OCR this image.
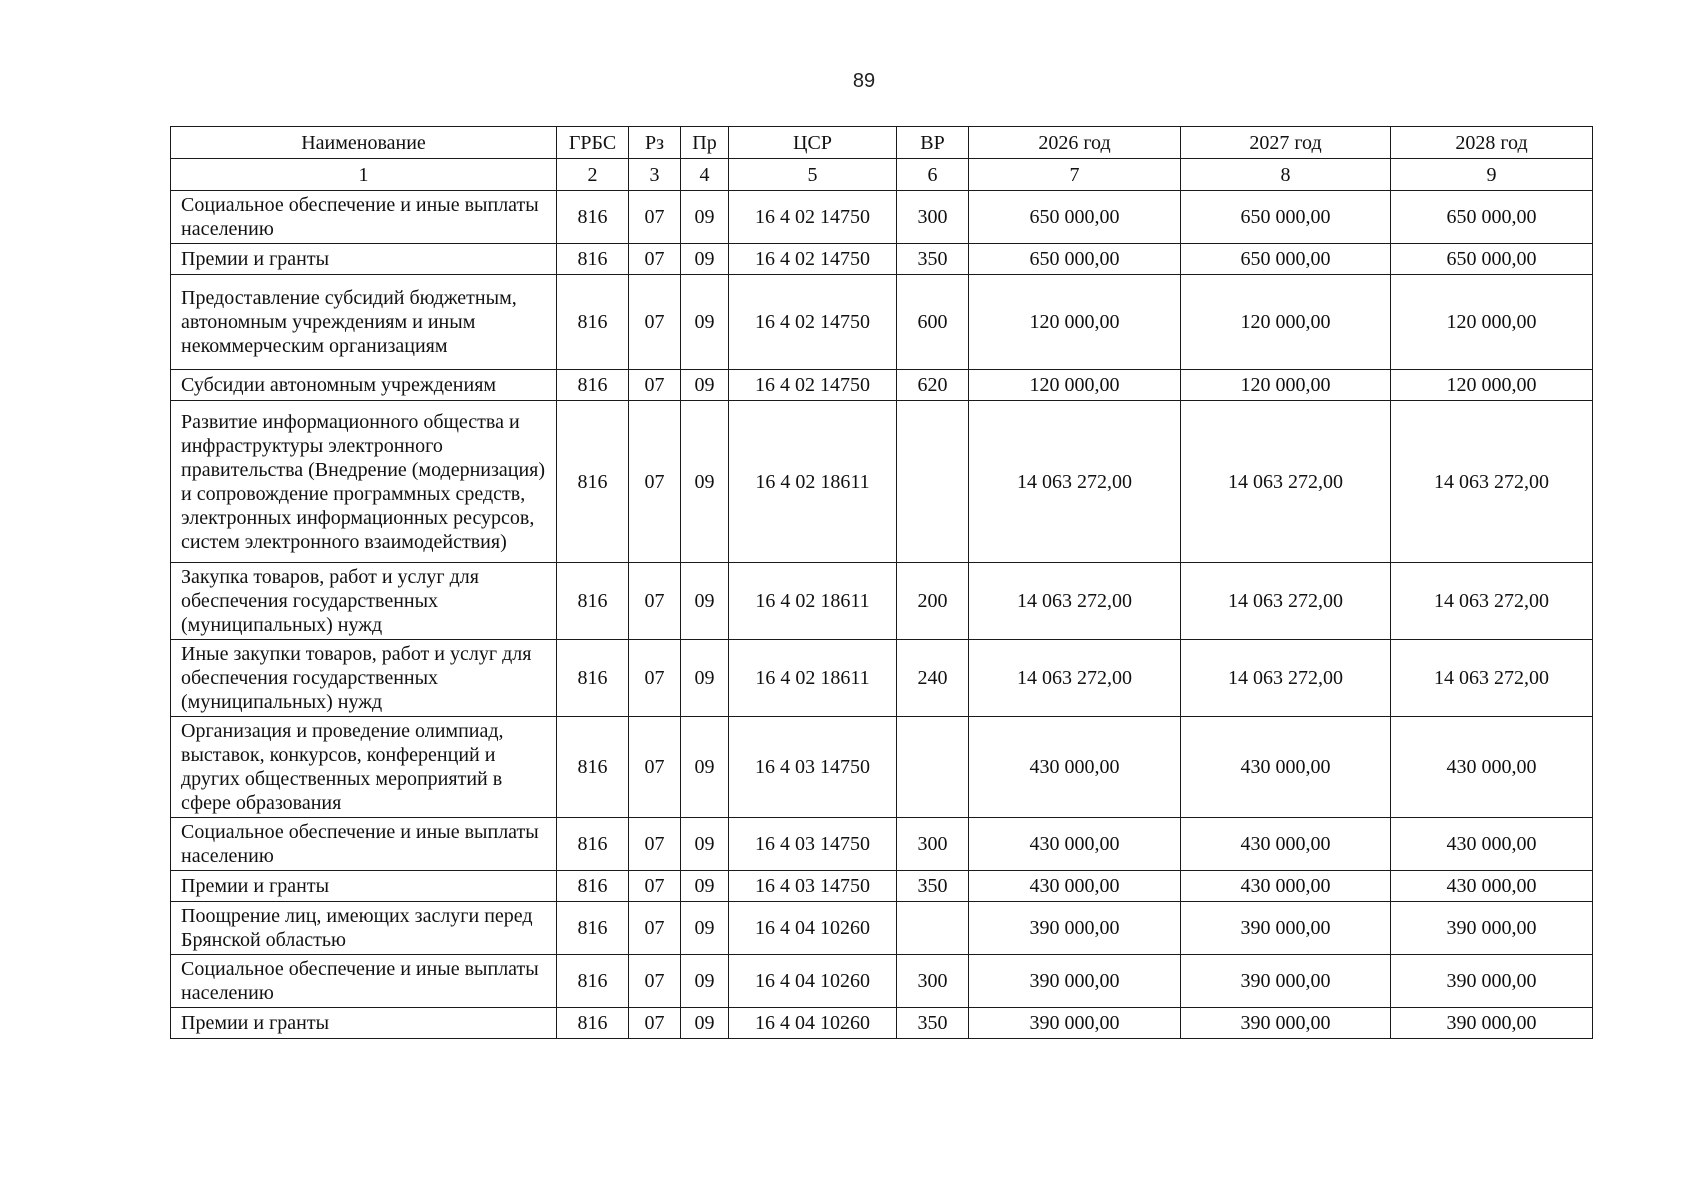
89
Наименование	ГРБС	Рз	Пр	ЦСР	ВР	2026 год	2027 год	2028 год
1	2	3	4	5	6	7	8	9
Социальное обеспечение и иные выплаты населению	816	07	09	16 4 02 14750	300	650 000,00	650 000,00	650 000,00
Премии и гранты	816	07	09	16 4 02 14750	350	650 000,00	650 000,00	650 000,00
Предоставление субсидий бюджетным, автономным учреждениям и иным некоммерческим организациям	816	07	09	16 4 02 14750	600	120 000,00	120 000,00	120 000,00
Субсидии автономным учреждениям	816	07	09	16 4 02 14750	620	120 000,00	120 000,00	120 000,00
Развитие информационного общества и инфраструктуры электронного правительства (Внедрение (модернизация) и сопровождение программных средств, электронных информационных ресурсов, систем электронного взаимодействия)	816	07	09	16 4 02 18611		14 063 272,00	14 063 272,00	14 063 272,00
Закупка товаров, работ и услуг для обеспечения государственных (муниципальных) нужд	816	07	09	16 4 02 18611	200	14 063 272,00	14 063 272,00	14 063 272,00
Иные закупки товаров, работ и услуг для обеспечения государственных (муниципальных) нужд	816	07	09	16 4 02 18611	240	14 063 272,00	14 063 272,00	14 063 272,00
Организация и проведение олимпиад, выставок, конкурсов, конференций и других общественных мероприятий в сфере образования	816	07	09	16 4 03 14750		430 000,00	430 000,00	430 000,00
Социальное обеспечение и иные выплаты населению	816	07	09	16 4 03 14750	300	430 000,00	430 000,00	430 000,00
Премии и гранты	816	07	09	16 4 03 14750	350	430 000,00	430 000,00	430 000,00
Поощрение лиц, имеющих заслуги перед Брянской областью	816	07	09	16 4 04 10260		390 000,00	390 000,00	390 000,00
Социальное обеспечение и иные выплаты населению	816	07	09	16 4 04 10260	300	390 000,00	390 000,00	390 000,00
Премии и гранты	816	07	09	16 4 04 10260	350	390 000,00	390 000,00	390 000,00
